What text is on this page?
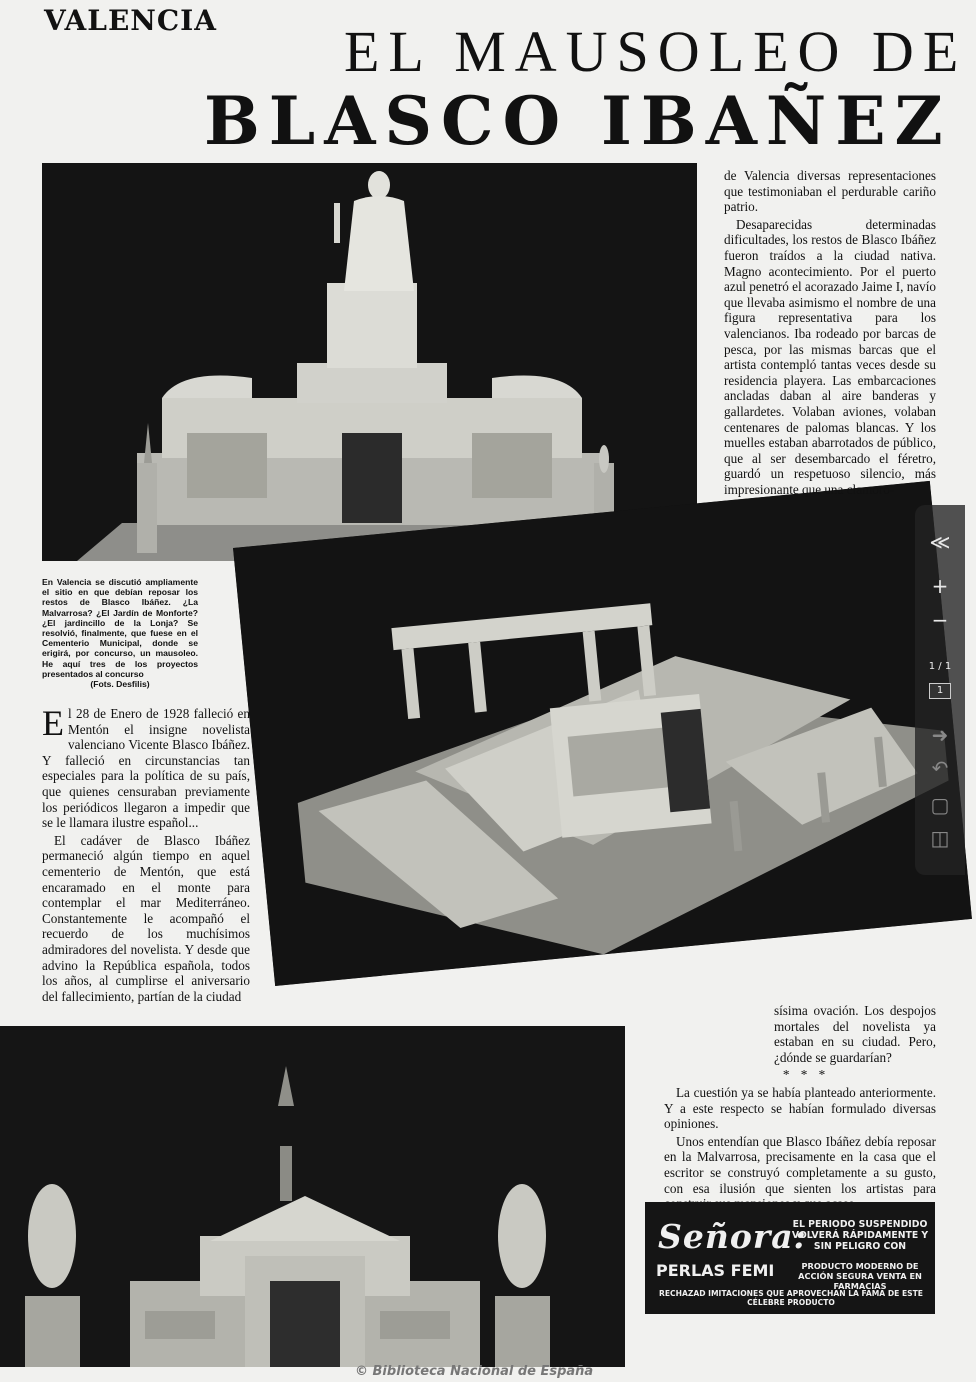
VALENCIA EL MAUSOLEO DE
BLASCO IBAÑEZ

de Valencia diversas representaciones que testimoniaban el perdurable cariño patrio.

Desaparecidas determinadas dificultades, los restos de Blasco Ibáñez fueron traídos a la ciudad nativa. Magno acontecimiento. Por el puerto azul penetró el acorazado Jaime I, navío que llevaba asimismo el nombre de una figura representativa para los valencianos. Iba rodeado por barcas de pesca, por las mismas barcas que el artista contempló tantas veces desde su residencia playera. Las embarcaciones ancladas daban al aire banderas y gallardetes. Volaban aviones, volaban centenares de palomas blancas. Y los muelles estaban abarrotados de público, que al ser desembarcado el féretro, guardó un respetuoso silencio, más impresionante que una clamoro-

En Valencia se discutió ampliamente el sitio en que debían reposar los restos de Blasco Ibáñez. ¿La Malvarrosa? ¿El Jardín de Monforte? ¿El jardincillo de la Lonja? Se resolvió, finalmente, que fuese en el Cementerio Municipal, donde se erigirá, por concurso, un mausoleo. He aquí tres de los proyectos presentados al concurso
(Fots. Desfilis)

El 28 de Enero de 1928 falleció en Mentón el insigne novelista valenciano Vicente Blasco Ibáñez. Y falleció en circunstancias tan especiales para la política de su país, que quienes censuraban previamente los periódicos llegaron a impedir que se le llamara ilustre español...

El cadáver de Blasco Ibáñez permaneció algún tiempo en aquel cementerio de Mentón, que está encaramado en el monte para contemplar el mar Mediterráneo. Constantemente le acompañó el recuerdo de los muchísimos admiradores del novelista. Y desde que advino la República española, todos los años, al cumplirse el aniversario del fallecimiento, partían de la ciudad

sísima ovación. Los despojos mortales del novelista ya estaban en su ciudad. Pero, ¿dónde se guardarían?

* * *

La cuestión ya se había planteado anteriormente. Y a este respecto se habían formulado diversas opiniones.

Unos entendían que Blasco Ibáñez debía reposar en la Malvarrosa, precisamente en la casa que el escritor se construyó completamente a su gusto, con esa ilusión que sienten los artistas para

Señora:
PERLAS FEMI
EL PERIODO SUSPENDIDO VOLVERÁ RÁPIDAMENTE Y SIN PELIGRO CON
PRODUCTO MODERNO DE ACCIÓN SEGURA VENTA EN FARMACIAS
RECHAZAD IMITACIONES QUE APROVECHAN LA FAMA DE ESTE CÉLEBRE PRODUCTO
© Biblioteca Nacional de España
≪
+
−
1 / 1
1
➜
↶
▢
◫
